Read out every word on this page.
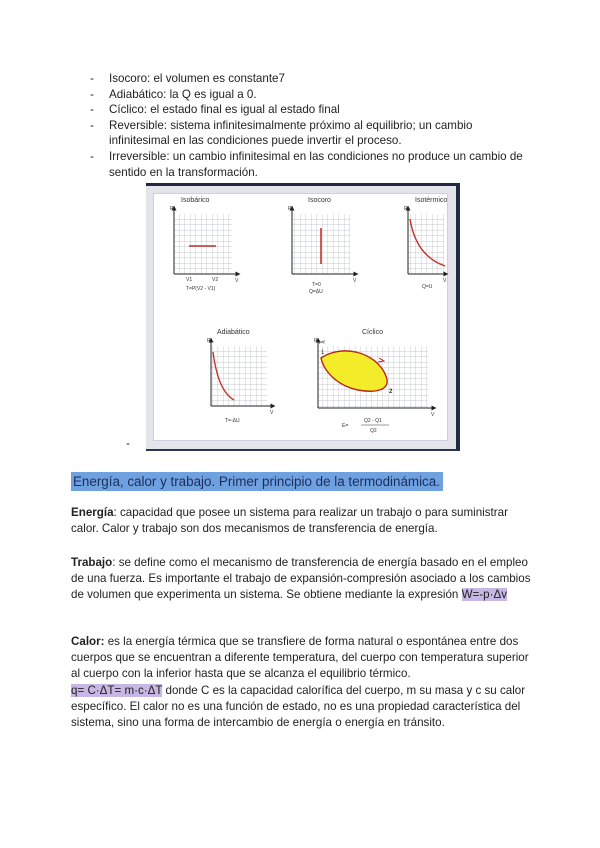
- Isocoro: el volumen es constante7
- Adiabático: la Q es igual a 0.
- Cíclico: el estado final es igual al estado final
- Reversible: sistema infinitesimalmente próximo al equilibrio; un cambio infinitesimal en las condiciones puede invertir el proceso.
- Irreversible: un cambio infinitesimal en las condiciones no produce un cambio de sentido en la transformación.
Isobárico
P
V
V1	V2
T=P(V2 - V1)
Isocoro
P
V
T=0
Q=ΔU
Isotérmico
P
V
Q=U
Adiabático
P
V
T=-ΔU
Cíclico
P
V
t=f
1
2
E=
Q2 - Q1
Q2
-
Energía, calor y trabajo. Primer principio de la termodinámica.

Energía: capacidad que posee un sistema para realizar un trabajo o para suministrar calor. Calor y trabajo son dos mecanismos de transferencia de energía.

Trabajo: se define como el mecanismo de transferencia de energía basado en el empleo de una fuerza. Es importante el trabajo de expansión-compresión asociado a los cambios de volumen que experimenta un sistema. Se obtiene mediante la expresión W=-p·Δv

Calor: es la energía térmica que se transfiere de forma natural o espontánea entre dos cuerpos que se encuentran a diferente temperatura, del cuerpo con temperatura superior al cuerpo con la inferior hasta que se alcanza el equilibrio térmico.
q= C·ΔT= m·c·ΔT donde C es la capacidad calorífica del cuerpo, m su masa y c su calor específico. El calor no es una función de estado, no es una propiedad característica del sistema, sino una forma de intercambio de energía o energía en tránsito.
